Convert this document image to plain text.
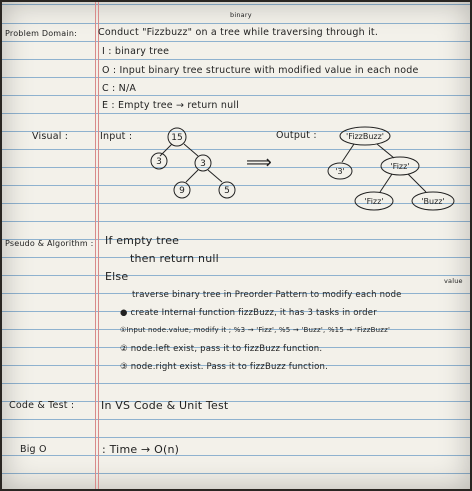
Problem Domain: Conduct "Fizzbuzz" on a tree while traversing through it.
binary
I : binary tree
O : Input binary tree structure with modified value in each node
C : N/A
E : Empty tree → return null
Visual :	Input :	Output :
⟹
15
3	3
9	5
'FizzBuzz'
'3'
'Fizz'
'Fizz'	'Buzz'
Pseudo & Algorithm : If empty tree
then return null
Else	value
traverse binary tree in Preorder Pattern to modify each node
● create Internal function fizzBuzz, it has 3 tasks in order
①Input node.value, modify it ; %3 → 'Fizz', %5 → 'Buzz', %15 → 'FizzBuzz'
② node.left exist, pass it to fizzBuzz function.
③ node.right exist. Pass it to fizzBuzz function.
Code & Test : In VS Code & Unit Test
Big O	: Time → O(n)
